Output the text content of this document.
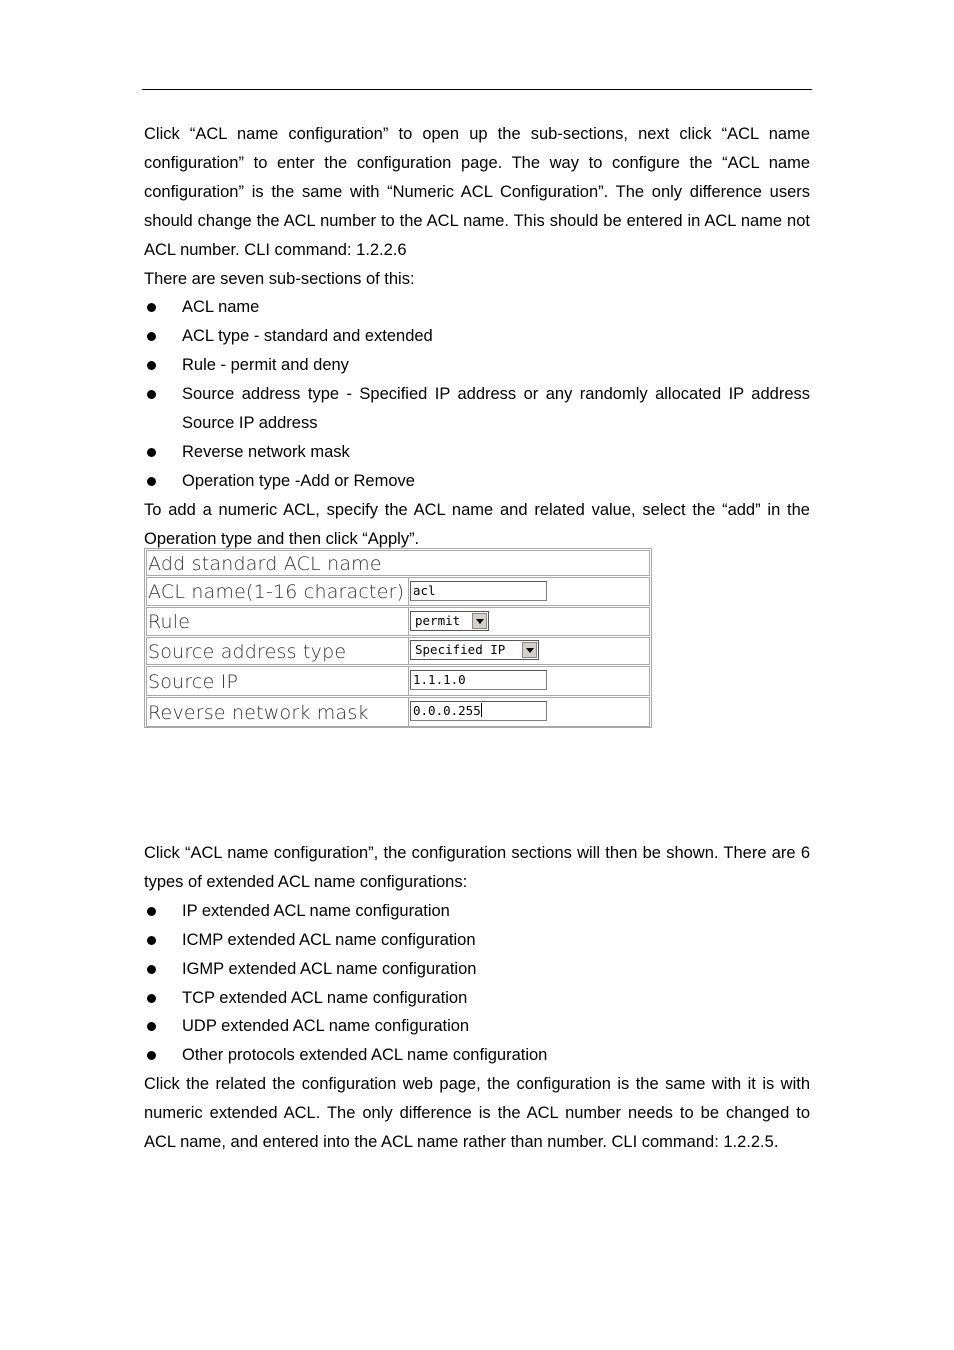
Click “ACL name configuration” to open up the sub-sections, next click “ACL name configuration” to enter the configuration page. The way to configure the “ACL name configuration” is the same with “Numeric ACL Configuration”. The only difference users should change the ACL number to the ACL name. This should be entered in ACL name not ACL number. CLI command: 1.2.2.6

There are seven sub-sections of this:

ACL name
ACL type - standard and extended
Rule - permit and deny
Source address type - Specified IP address or any randomly allocated IP address Source IP address
Reverse network mask
Operation type -Add or Remove

To add a numeric ACL, specify the ACL name and related value, select the “add” in the Operation type and then click “Apply”.

Add standard ACL name
ACL name(1-16 character) acl
Rule	permit
Source address type	Specified IP
Source IP	1.1.1.0
Reverse network mask	0.0.0.255

Click “ACL name configuration”, the configuration sections will then be shown. There are 6 types of extended ACL name configurations:

IP extended ACL name configuration
ICMP extended ACL name configuration
IGMP extended ACL name configuration
TCP extended ACL name configuration
UDP extended ACL name configuration
Other protocols extended ACL name configuration

Click the related the configuration web page, the configuration is the same with it is with numeric extended ACL. The only difference is the ACL number needs to be changed to ACL name, and entered into the ACL name rather than number. CLI command: 1.2.2.5.
